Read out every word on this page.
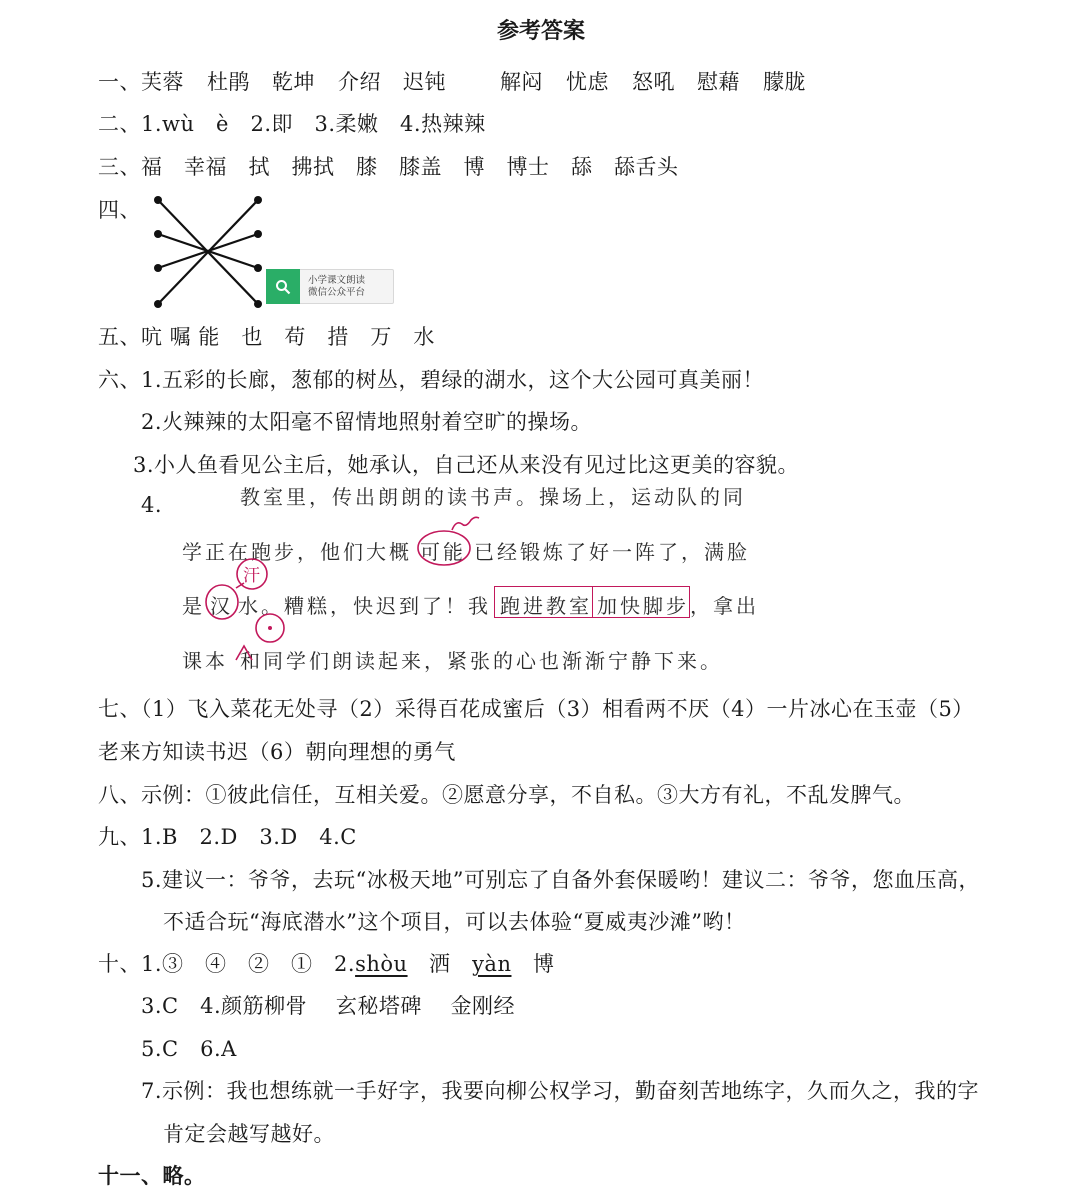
参考答案
一、 芙蓉 杜鹃 乾坤 介绍 迟钝	解闷 忧虑 怒吼 慰藉 朦胧
二、1.wù　è　2.即　3.柔嫩　4.热辣辣
三、福　幸福　拭　拂拭　膝　膝盖　博　博士　舔　舔舌头
四、
小学课文朗读
微信公众平台
五、吭 嘱 能　也　苟　措　万　水
六、1.五彩的长廊，葱郁的树丛，碧绿的湖水，这个大公园可真美丽！
2.火辣辣的太阳毫不留情地照射着空旷的操场。
3.小人鱼看见公主后，她承认，自己还从来没有见过比这更美的容貌。
4.	教室里，传出朗朗的读书声。操场上，运动队的同
学正在跑步，他们大概 可能 已经锻炼了好一阵了，满脸
是 汉 水。糟糕，快迟到了！我 跑进教室 加快脚步 ，拿出
课本 和同学们朗读起来，紧张的心也渐渐宁静下来。
汗
七、（1）飞入菜花无处寻（2）采得百花成蜜后（3）相看两不厌（4）一片冰心在玉壶（5）
老来方知读书迟（6）朝向理想的勇气
八、示例：①彼此信任，互相关爱。②愿意分享，不自私。③大方有礼，不乱发脾气。
九、1.B　2.D　3.D　4.C
5.建议一：爷爷，去玩“冰极天地”可别忘了自备外套保暖哟！建议二：爷爷，您血压高，
不适合玩“海底潜水”这个项目，可以去体验“夏威夷沙滩”哟！
十、1.③　④　②　①　2.shòu　洒　yàn　博
3.C　4.颜筋柳骨　 玄秘塔碑　 金刚经
5.C　6.A
7.示例：我也想练就一手好字，我要向柳公权学习，勤奋刻苦地练字，久而久之，我的字
肯定会越写越好。
十一、略。
